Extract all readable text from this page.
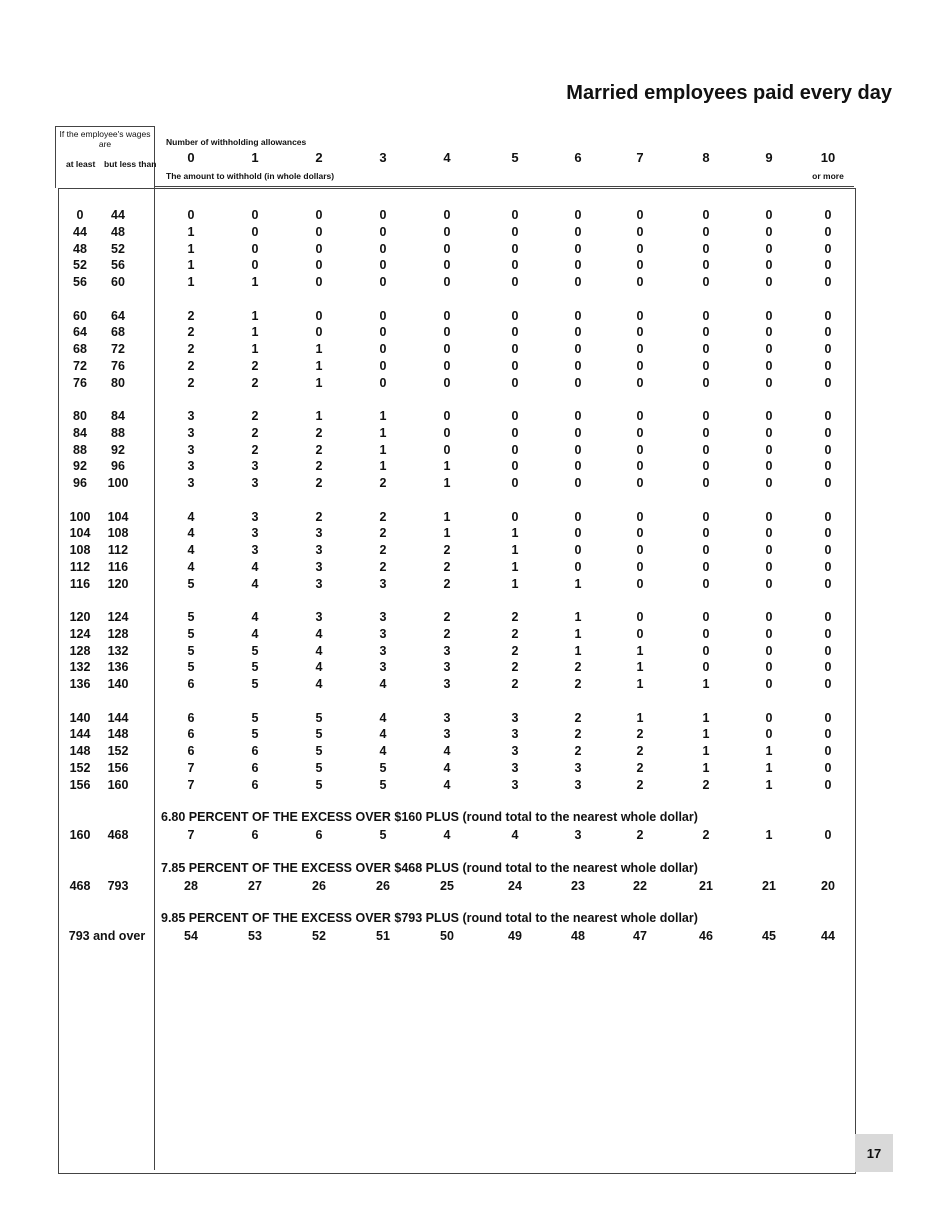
Married employees paid every day
If the employee's wages are
at least but less than
Number of withholding allowances
The amount to withhold (in whole dollars)	or more
0	1	2	3	4	5	6	7	8	9	10
0	44	0	0	0	0	0	0	0	0	0	0	0
44	48	1	0	0	0	0	0	0	0	0	0	0
48	52	1	0	0	0	0	0	0	0	0	0	0
52	56	1	0	0	0	0	0	0	0	0	0	0
56	60	1	1	0	0	0	0	0	0	0	0	0
60	64	2	1	0	0	0	0	0	0	0	0	0
64	68	2	1	0	0	0	0	0	0	0	0	0
68	72	2	1	1	0	0	0	0	0	0	0	0
72	76	2	2	1	0	0	0	0	0	0	0	0
76	80	2	2	1	0	0	0	0	0	0	0	0
80	84	3	2	1	1	0	0	0	0	0	0	0
84	88	3	2	2	1	0	0	0	0	0	0	0
88	92	3	2	2	1	0	0	0	0	0	0	0
92	96	3	3	2	1	1	0	0	0	0	0	0
96	100	3	3	2	2	1	0	0	0	0	0	0
100	104	4	3	2	2	1	0	0	0	0	0	0
104	108	4	3	3	2	1	1	0	0	0	0	0
108	112	4	3	3	2	2	1	0	0	0	0	0
112	116	4	4	3	2	2	1	0	0	0	0	0
116	120	5	4	3	3	2	1	1	0	0	0	0
120	124	5	4	3	3	2	2	1	0	0	0	0
124	128	5	4	4	3	2	2	1	0	0	0	0
128	132	5	5	4	3	3	2	1	1	0	0	0
132	136	5	5	4	3	3	2	2	1	0	0	0
136	140	6	5	4	4	3	2	2	1	1	0	0
140	144	6	5	5	4	3	3	2	1	1	0	0
144	148	6	5	5	4	3	3	2	2	1	0	0
148	152	6	6	5	4	4	3	2	2	1	1	0
152	156	7	6	5	5	4	3	3	2	1	1	0
156	160	7	6	5	5	4	3	3	2	2	1	0
6.80 PERCENT OF THE EXCESS OVER $160 PLUS (round total to the nearest whole dollar)
160	468	7	6	6	5	4	4	3	2	2	1	0
7.85 PERCENT OF THE EXCESS OVER $468 PLUS (round total to the nearest whole dollar)
468	793	28	27	26	26	25	24	23	22	21	21	20
9.85 PERCENT OF THE EXCESS OVER $793 PLUS (round total to the nearest whole dollar)
793 and over	54	53	52	51	50	49	48	47	46	45	44
17
